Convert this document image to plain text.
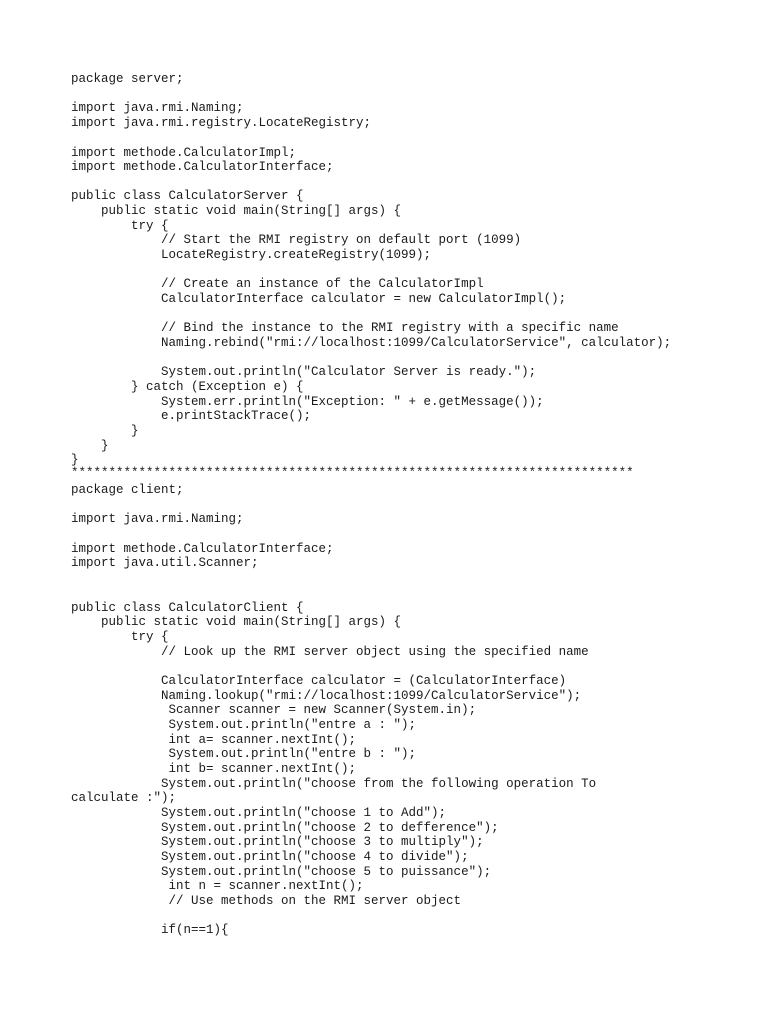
package server;
import java.rmi.Naming;
import java.rmi.registry.LocateRegistry;
import methode.CalculatorImpl;
import methode.CalculatorInterface;
public class CalculatorServer {
public static void main(String[] args) {
try {
// Start the RMI registry on default port (1099)
LocateRegistry.createRegistry(1099);
// Create an instance of the CalculatorImpl
CalculatorInterface calculator = new CalculatorImpl();
// Bind the instance to the RMI registry with a specific name
Naming.rebind("rmi://localhost:1099/CalculatorService", calculator);
System.out.println("Calculator Server is ready.");
} catch (Exception e) {
System.err.println("Exception: " + e.getMessage());
e.printStackTrace();
}
}
}
***************************************************************************
package client;
import java.rmi.Naming;
import methode.CalculatorInterface;
import java.util.Scanner;
public class CalculatorClient {
public static void main(String[] args) {
try {
// Look up the RMI server object using the specified name
CalculatorInterface calculator = (CalculatorInterface)
Naming.lookup("rmi://localhost:1099/CalculatorService");
Scanner scanner = new Scanner(System.in);
System.out.println("entre a : ");
int a= scanner.nextInt();
System.out.println("entre b : ");
int b= scanner.nextInt();
System.out.println("choose from the following operation To
calculate :");
System.out.println("choose 1 to Add");
System.out.println("choose 2 to defference");
System.out.println("choose 3 to multiply");
System.out.println("choose 4 to divide");
System.out.println("choose 5 to puissance");
int n = scanner.nextInt();
// Use methods on the RMI server object
if(n==1){
